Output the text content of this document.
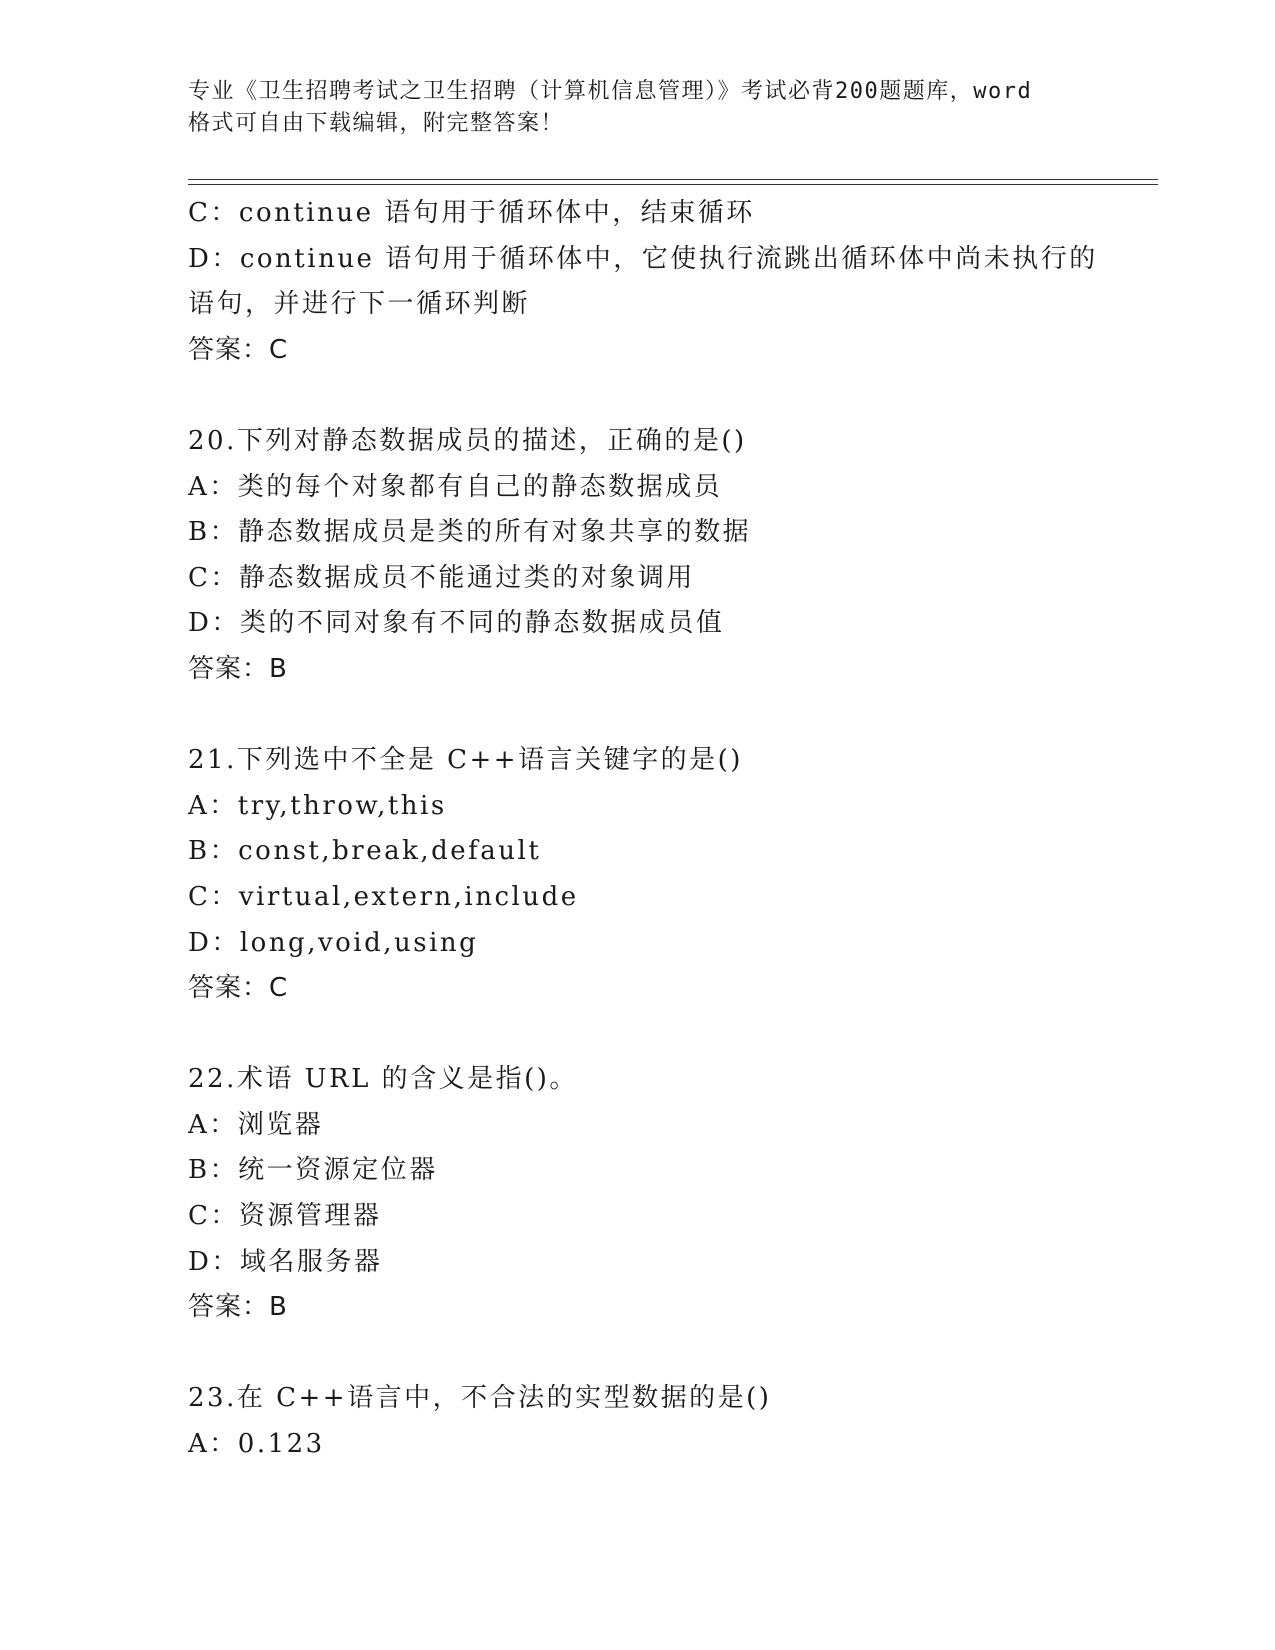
专业《卫生招聘考试之卫生招聘（计算机信息管理）》考试必背200题题库，word
格式可自由下载编辑，附完整答案！
C：continue 语句用于循环体中，结束循环
D：continue 语句用于循环体中，它使执行流跳出循环体中尚未执行的
语句，并进行下一循环判断
答案：C
20.下列对静态数据成员的描述，正确的是()
A：类的每个对象都有自己的静态数据成员
B：静态数据成员是类的所有对象共享的数据
C：静态数据成员不能通过类的对象调用
D：类的不同对象有不同的静态数据成员值
答案：B
21.下列选中不全是 C++语言关键字的是()
A：try,throw,this
B：const,break,default
C：virtual,extern,include
D：long,void,using
答案：C
22.术语 URL 的含义是指()。
A：浏览器
B：统一资源定位器
C：资源管理器
D：域名服务器
答案：B
23.在 C++语言中，不合法的实型数据的是()
A：0.123
